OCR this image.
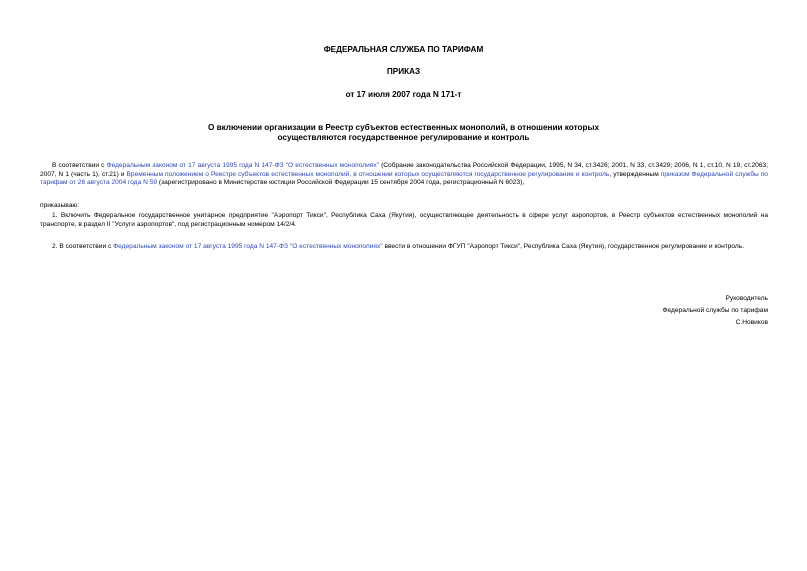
ФЕДЕРАЛЬНАЯ СЛУЖБА ПО ТАРИФАМ
ПРИКАЗ
от 17 июля 2007 года N 171-т
О включении организации в Реестр субъектов естественных монополий, в отношении которых
осуществляются государственное регулирование и контроль
В соответствии с Федеральным законом от 17 августа 1995 года N 147-ФЗ "О естественных монополиях" (Собрание законодательства Российской Федерации, 1995, N 34, ст.3426; 2001, N 33, ст.3429; 2006, N 1, ст.10, N 19, ст.2063; 2007, N 1 (часть 1), ст.21) и Временным положением о Реестре субъектов естественных монополий, в отношении которых осуществляются государственное регулирование и контроль, утвержденным приказом Федеральной службы по тарифам от 26 августа 2004 года N 59 (зарегистрировано в Министерстве юстиции Российской Федерации 15 сентября 2004 года, регистрационный N 6023),
приказываю:
1. Включить Федеральное государственное унитарное предприятие "Аэропорт Тикси", Республика Саха (Якутия), осуществляющее деятельность в сфере услуг аэропортов, в Реестр субъектов естественных монополий на транспорте, в раздел II "Услуги аэропортов", под регистрационным номером 14/2/4.
2. В соответствии с Федеральным законом от 17 августа 1995 года N 147-ФЗ "О естественных монополиях" ввести в отношении ФГУП "Аэропорт Тикси", Республика Саха (Якутия), государственное регулирование и контроль.
Руководитель
Федеральной службы по тарифам
С.Новиков
